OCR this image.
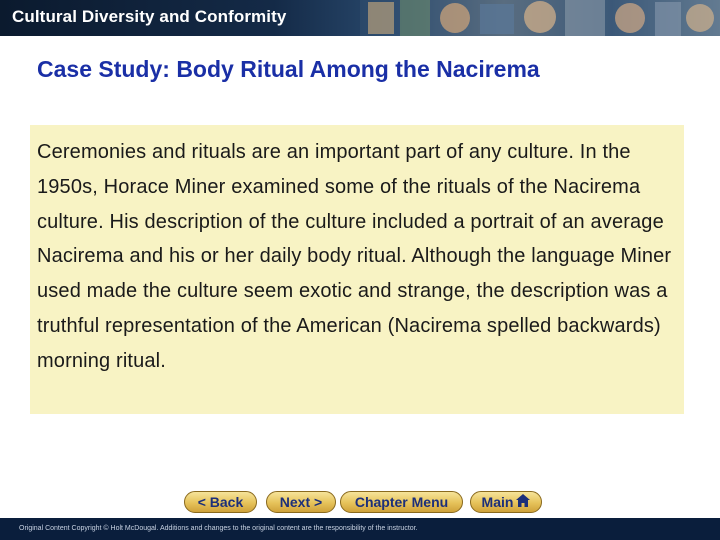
Cultural Diversity and Conformity
Case Study: Body Ritual Among the Nacirema

Ceremonies and rituals are an important part of any culture. In the 1950s, Horace Miner examined some of the rituals of the Nacirema culture. His description of the culture included a portrait of an average Nacirema and his or her daily body ritual. Although the language Miner used made the culture seem exotic and strange, the description was a truthful representation of the American (Nacirema spelled backwards) morning ritual.

< Back	Next > Chapter Menu Main
Original Content Copyright © Holt McDougal. Additions and changes to the original content are the responsibility of the instructor.
